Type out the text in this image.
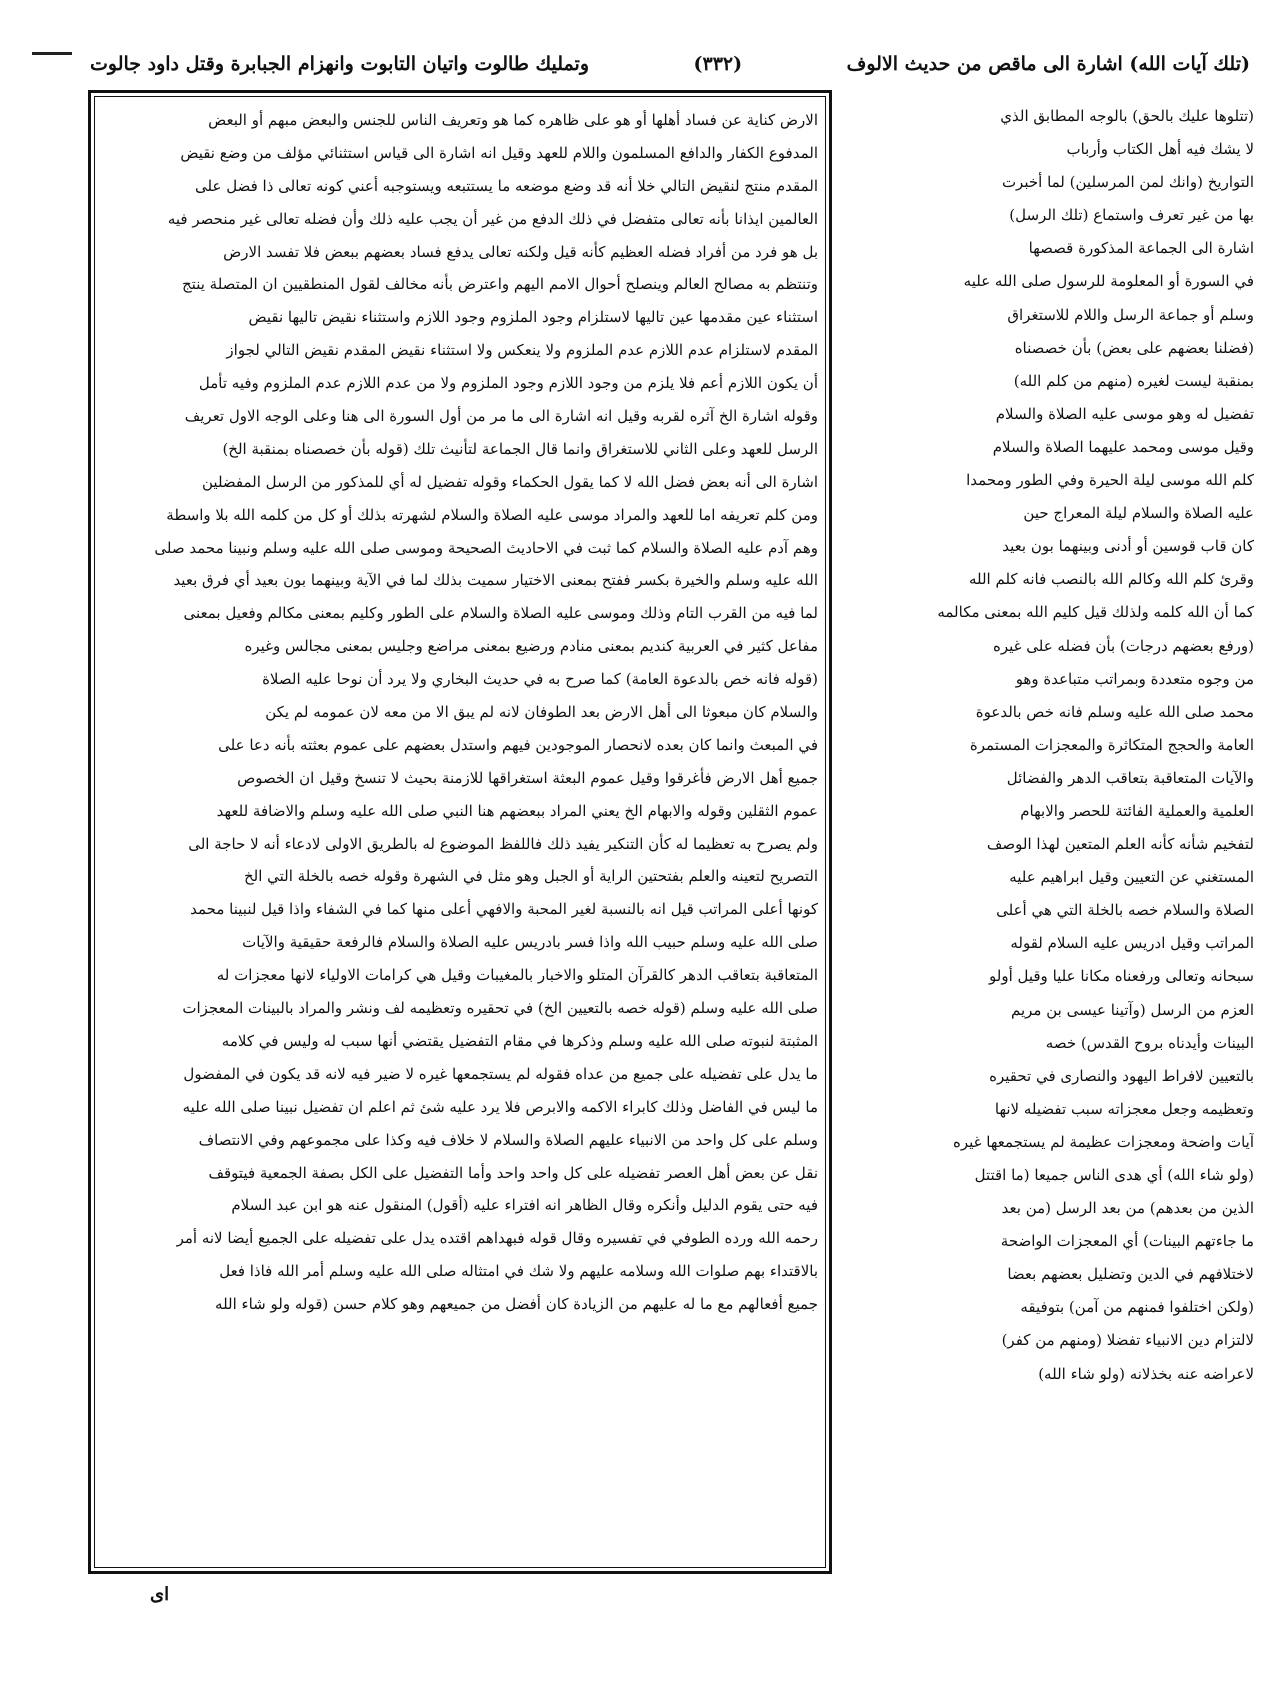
(تلك آيات الله) اشارة الى ماقص من حديث الالوف
(٣٣٢)
وتمليك طالوت واتيان التابوت وانهزام الجبابرة وقتل داود جالوت
الارض كناية عن فساد أهلها أو هو على ظاهره كما هو وتعريف الناس للجنس والبعض مبهم أو البعض
المدفوع الكفار والدافع المسلمون واللام للعهد وقيل انه اشارة الى قياس استثنائي مؤلف من وضع نقيض
المقدم منتج لنقيض التالي خلا أنه قد وضع موضعه ما يستتبعه ويستوجبه أعني كونه تعالى ذا فضل على
العالمين ايذانا بأنه تعالى متفضل في ذلك الدفع من غير أن يجب عليه ذلك وأن فضله تعالى غير منحصر فيه
بل هو فرد من أفراد فضله العظيم كأنه قيل ولكنه تعالى يدفع فساد بعضهم ببعض فلا تفسد الارض
وتنتظم به مصالح العالم وينصلح أحوال الامم اليهم واعترض بأنه مخالف لقول المنطقيين ان المتصلة ينتج
استثناء عين مقدمها عين تاليها لاستلزام وجود الملزوم وجود اللازم واستثناء نقيض تاليها نقيض
المقدم لاستلزام عدم اللازم عدم الملزوم ولا ينعكس ولا استثناء نقيض المقدم نقيض التالي لجواز
أن يكون اللازم أعم فلا يلزم من وجود اللازم وجود الملزوم ولا من عدم اللازم عدم الملزوم وفيه تأمل
وقوله اشارة الخ آثره لقربه وقيل انه اشارة الى ما مر من أول السورة الى هنا وعلى الوجه الاول تعريف
الرسل للعهد وعلى الثاني للاستغراق وانما قال الجماعة لتأنيث تلك (قوله بأن خصصناه بمنقبة الخ)
اشارة الى أنه بعض فضل الله لا كما يقول الحكماء وقوله تفضيل له أي للمذكور من الرسل المفضلين
ومن كلم تعريفه اما للعهد والمراد موسى عليه الصلاة والسلام لشهرته بذلك أو كل من كلمه الله بلا واسطة
وهم آدم عليه الصلاة والسلام كما ثبت في الاحاديث الصحيحة وموسى صلى الله عليه وسلم ونبينا محمد صلى
الله عليه وسلم والخيرة بكسر ففتح بمعنى الاختيار سميت بذلك لما في الآية وبينهما بون بعيد أي فرق بعيد
لما فيه من القرب التام وذلك وموسى عليه الصلاة والسلام على الطور وكليم بمعنى مكالم وفعيل بمعنى
مفاعل كثير في العربية كنديم بمعنى منادم ورضيع بمعنى مراضع وجليس بمعنى مجالس وغيره
(قوله فانه خص بالدعوة العامة) كما صرح به في حديث البخاري ولا يرد أن نوحا عليه الصلاة
والسلام كان مبعوثا الى أهل الارض بعد الطوفان لانه لم يبق الا من معه لان عمومه لم يكن
في المبعث وانما كان بعده لانحصار الموجودين فيهم واستدل بعضهم على عموم بعثته بأنه دعا على
جميع أهل الارض فأغرقوا وقيل عموم البعثة استغراقها للازمنة بحيث لا تنسخ وقيل ان الخصوص
عموم الثقلين وقوله والابهام الخ يعني المراد ببعضهم هنا النبي صلى الله عليه وسلم والاضافة للعهد
ولم يصرح به تعظيما له كأن التنكير يفيد ذلك فاللفظ الموضوع له بالطريق الاولى لادعاء أنه لا حاجة الى
التصريح لتعينه والعلم بفتحتين الراية أو الجبل وهو مثل في الشهرة وقوله خصه بالخلة التي الخ
كونها أعلى المراتب قيل انه بالنسبة لغير المحبة والافهي أعلى منها كما في الشفاء واذا قيل لنبينا محمد
صلى الله عليه وسلم حبيب الله واذا فسر بادريس عليه الصلاة والسلام فالرفعة حقيقية والآيات
المتعاقبة بتعاقب الدهر كالقرآن المتلو والاخبار بالمغيبات وقيل هي كرامات الاولياء لانها معجزات له
صلى الله عليه وسلم (قوله خصه بالتعيين الخ) في تحقيره وتعظيمه لف ونشر والمراد بالبينات المعجزات
المثبتة لنبوته صلى الله عليه وسلم وذكرها في مقام التفضيل يقتضي أنها سبب له وليس في كلامه
ما يدل على تفضيله على جميع من عداه فقوله لم يستجمعها غيره لا ضير فيه لانه قد يكون في المفضول
ما ليس في الفاضل وذلك كابراء الاكمه والابرص فلا يرد عليه شئ ثم اعلم ان تفضيل نبينا صلى الله عليه
وسلم على كل واحد من الانبياء عليهم الصلاة والسلام لا خلاف فيه وكذا على مجموعهم وفي الانتصاف
نقل عن بعض أهل العصر تفضيله على كل واحد واحد وأما التفضيل على الكل بصفة الجمعية فيتوقف
فيه حتى يقوم الدليل وأنكره وقال الظاهر انه افتراء عليه (أقول) المنقول عنه هو ابن عبد السلام
رحمه الله ورده الطوفي في تفسيره وقال قوله فبهداهم اقتده يدل على تفضيله على الجميع أيضا لانه أمر
بالاقتداء بهم صلوات الله وسلامه عليهم ولا شك في امتثاله صلى الله عليه وسلم أمر الله فاذا فعل
جميع أفعالهم مع ما له عليهم من الزيادة كان أفضل من جميعهم وهو كلام حسن (قوله ولو شاء الله
(تتلوها عليك بالحق) بالوجه المطابق الذي
لا يشك فيه أهل الكتاب وأرباب
التواريخ (وانك لمن المرسلين) لما أخبرت
بها من غير تعرف واستماع (تلك الرسل)
اشارة الى الجماعة المذكورة قصصها
في السورة أو المعلومة للرسول صلى الله عليه
وسلم أو جماعة الرسل واللام للاستغراق
(فضلنا بعضهم على بعض) بأن خصصناه
بمنقبة ليست لغيره (منهم من كلم الله)
تفضيل له وهو موسى عليه الصلاة والسلام
وقيل موسى ومحمد عليهما الصلاة والسلام
كلم الله موسى ليلة الحيرة وفي الطور ومحمدا
عليه الصلاة والسلام ليلة المعراج حين
كان قاب قوسين أو أدنى وبينهما بون بعيد
وقرئ كلم الله وكالم الله بالنصب فانه كلم الله
كما أن الله كلمه ولذلك قيل كليم الله بمعنى مكالمه
(ورفع بعضهم درجات) بأن فضله على غيره
من وجوه متعددة وبمراتب متباعدة وهو
محمد صلى الله عليه وسلم فانه خص بالدعوة
العامة والحجج المتكاثرة والمعجزات المستمرة
والآيات المتعاقبة بتعاقب الدهر والفضائل
العلمية والعملية الفائتة للحصر والابهام
لتفخيم شأنه كأنه العلم المتعين لهذا الوصف
المستغني عن التعيين وقيل ابراهيم عليه
الصلاة والسلام خصه بالخلة التي هي أعلى
المراتب وقيل ادريس عليه السلام لقوله
سبحانه وتعالى ورفعناه مكانا عليا وقيل أولو
العزم من الرسل (وآتينا عيسى بن مريم
البينات وأيدناه بروح القدس) خصه
بالتعيين لافراط اليهود والنصارى في تحقيره
وتعظيمه وجعل معجزاته سبب تفضيله لانها
آيات واضحة ومعجزات عظيمة لم يستجمعها غيره
(ولو شاء الله) أي هدى الناس جميعا (ما اقتتل
الذين من بعدهم) من بعد الرسل (من بعد
ما جاءتهم البينات) أي المعجزات الواضحة
لاختلافهم في الدين وتضليل بعضهم بعضا
(ولكن اختلفوا فمنهم من آمن) بتوفيقه
لالتزام دين الانبياء تفضلا (ومنهم من كفر)
لاعراضه عنه بخذلانه (ولو شاء الله)
اى
